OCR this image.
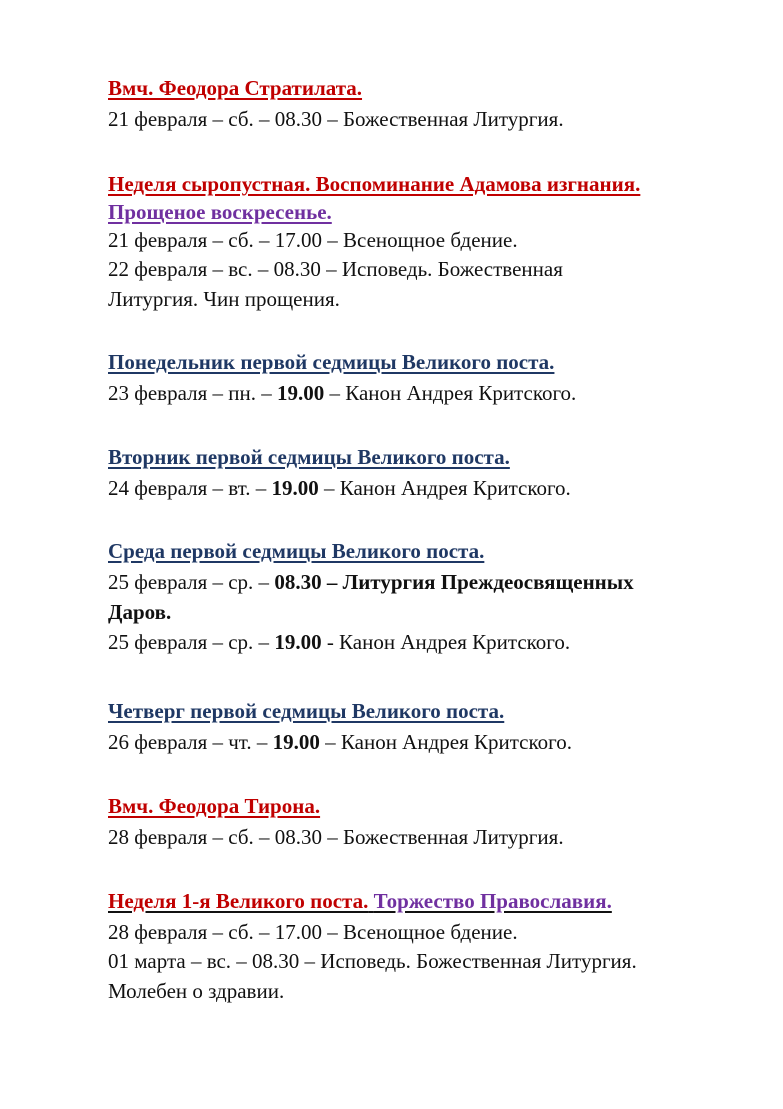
Вмч. Феодора Стратилата.
21 февраля – сб. – 08.30 – Божественная Литургия.
Неделя сыропустная. Воспоминание Адамова изгнания.
Прощеное воскресенье.
21 февраля – сб. – 17.00 – Всенощное бдение.
22 февраля – вс. – 08.30 – Исповедь. Божественная
Литургия. Чин прощения.
Понедельник первой седмицы Великого поста.
23 февраля – пн. – 19.00 – Канон Андрея Критского.
Вторник первой седмицы Великого поста.
24 февраля – вт. – 19.00 – Канон Андрея Критского.
Среда первой седмицы Великого поста.
25 февраля – ср. – 08.30 – Литургия Преждеосвященных
Даров.
25 февраля – ср. – 19.00 - Канон Андрея Критского.
Четверг первой седмицы Великого поста.
26 февраля – чт. – 19.00 – Канон Андрея Критского.
Вмч. Феодора Тирона.
28 февраля – сб. – 08.30 – Божественная Литургия.
Неделя 1-я Великого поста. Торжество Православия.
28 февраля – сб. – 17.00 – Всенощное бдение.
01 марта – вс. – 08.30 – Исповедь. Божественная Литургия.
Молебен о здравии.
